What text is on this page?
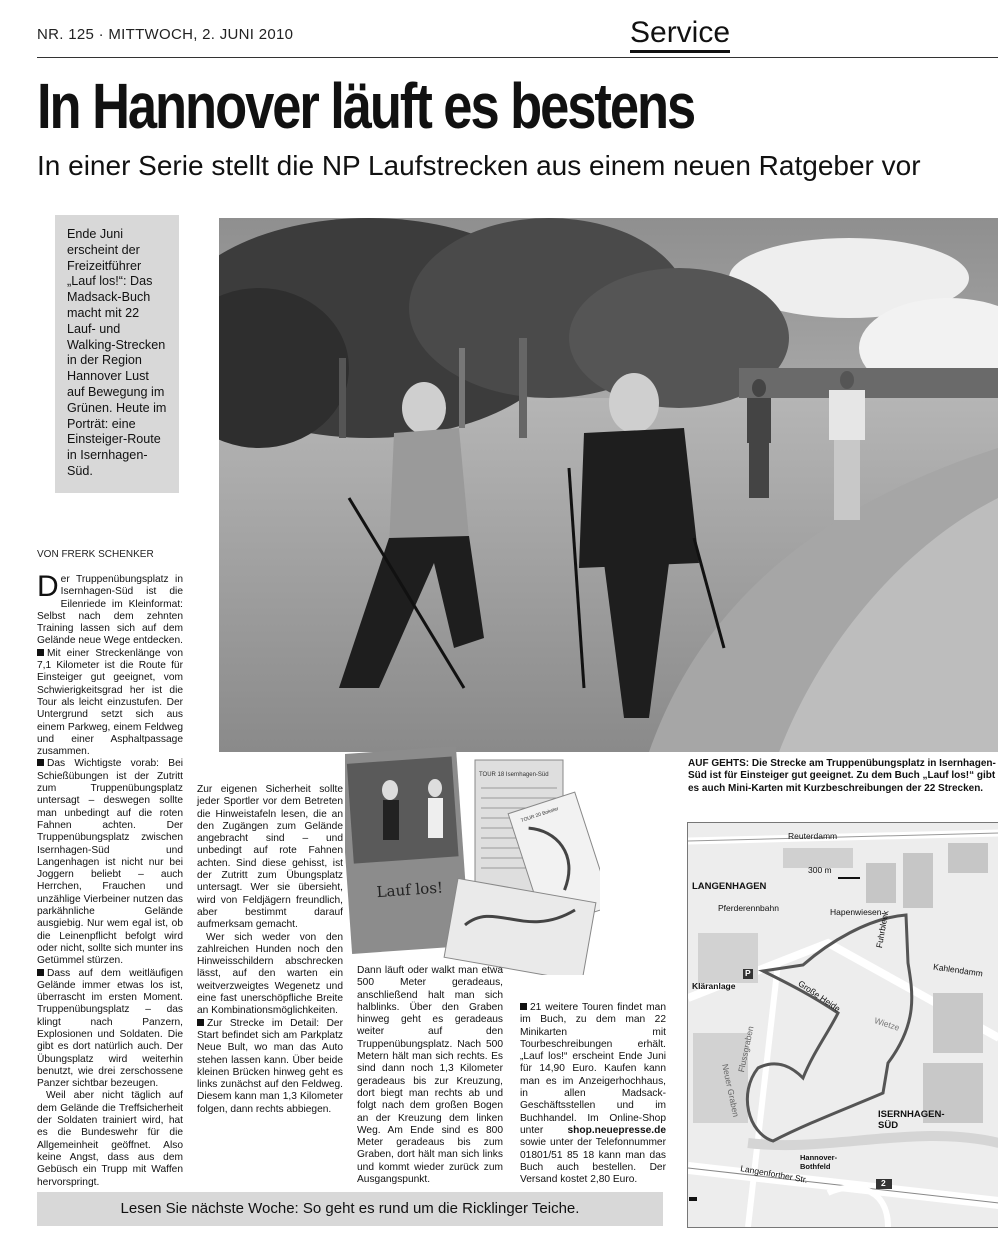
NR. 125 · MITTWOCH, 2. JUNI 2010	Service
In Hannover läuft es bestens
In einer Serie stellt die NP Laufstrecken aus einem neuen Ratgeber vor
Ende Juni erscheint der Freizeitführer „Lauf los!“: Das Madsack-Buch macht mit 22 Lauf- und Walking-Strecken in der Region Hannover Lust auf Bewegung im Grünen. Heute im Porträt: eine Einsteiger-Route in Isernhagen-Süd.
AUF GEHTS: Die Strecke am Truppenübungsplatz in Isernhagen-Süd ist für Einsteiger gut geeignet. Zu dem Buch „Lauf los!“ gibt es auch Mini-Karten mit Kurzbeschreibungen der 22 Strecken.
VON FRERK SCHENKER

Der Truppenübungsplatz in Isernhagen-Süd ist die Eilenriede im Kleinformat: Selbst nach dem zehnten Training lassen sich auf dem Gelände neue Wege entdecken.

Mit einer Streckenlänge von 7,1 Kilometer ist die Route für Einsteiger gut geeignet, vom Schwierigkeitsgrad her ist die Tour als leicht einzustufen. Der Untergrund setzt sich aus einem Parkweg, einem Feldweg und einer Asphaltpassage zusammen.

Das Wichtigste vorab: Bei Schießübungen ist der Zutritt zum Truppenübungsplatz untersagt – deswegen sollte man unbedingt auf die roten Fahnen achten. Der Truppenübungsplatz zwischen Isernhagen-Süd und Langenhagen ist nicht nur bei Joggern beliebt – auch Herrchen, Frauchen und unzählige Vierbeiner nutzen das parkähnliche Gelände ausgiebig. Nur wem egal ist, ob die Leinenpflicht befolgt wird oder nicht, sollte sich munter ins Getümmel stürzen.

Dass auf dem weitläufigen Gelände immer etwas los ist, überrascht im ersten Moment. Truppenübungsplatz – das klingt nach Panzern, Explosionen und Soldaten. Die gibt es dort natürlich auch. Der Übungsplatz wird weiterhin benutzt, wie drei zerschossene Panzer sichtbar bezeugen.

Weil aber nicht täglich auf dem Gelände die Treffsicherheit der Soldaten trainiert wird, hat es die Bundeswehr für die Allgemeinheit geöffnet. Also keine Angst, dass aus dem Gebüsch ein Trupp mit Waffen hervorspringt.

Zur eigenen Sicherheit sollte jeder Sportler vor dem Betreten die Hinweistafeln lesen, die an den Zugängen zum Gelände angebracht sind – und unbedingt auf rote Fahnen achten. Sind diese gehisst, ist der Zutritt zum Übungsplatz untersagt. Wer sie übersieht, wird von Feldjägern freundlich, aber bestimmt darauf aufmerksam gemacht.

Wer sich weder von den zahlreichen Hunden noch den Hinweisschildern abschrecken lässt, auf den warten ein weitverzweigtes Wegenetz und eine fast unerschöpfliche Breite an Kombinationsmöglichkeiten.

Zur Strecke im Detail: Der Start befindet sich am Parkplatz Neue Bult, wo man das Auto stehen lassen kann. Über beide kleinen Brücken hinweg geht es links zunächst auf den Feldweg. Diesem kann man 1,3 Kilometer folgen, dann rechts abbiegen.

Dann läuft oder walkt man etwa 500 Meter geradeaus, anschließend halt man sich halblinks. Über den Graben hinweg geht es geradeaus weiter auf den Truppenübungsplatz. Nach 500 Metern hält man sich rechts. Es sind dann noch 1,3 Kilometer geradeaus bis zur Kreuzung, dort biegt man rechts ab und folgt nach dem großen Bogen an der Kreuzung dem linken Weg. Am Ende sind es 800 Meter geradeaus bis zum Graben, dort hält man sich links und kommt wieder zurück zum Ausgangspunkt.

21 weitere Touren findet man im Buch, zu dem man 22 Minikarten mit Tourbeschreibungen erhält. „Lauf los!“ erscheint Ende Juni für 14,90 Euro. Kaufen kann man es im Anzeigerhochhaus, in allen Madsack-Geschäftsstellen und im Buchhandel. Im Online-Shop unter shop.neuepresse.de sowie unter der Telefonnummer 01801/51 85 18 kann man das Buch auch bestellen. Der Versand kostet 2,80 Euro.

Lauf los!
TOUR 18 Isernhagen-Süd
TOUR 20 Bokeler
Lesen Sie nächste Woche: So geht es rund um die Ricklinger Teiche.
Reuterdamm
Hapenwiesen
Fuhrbleek
Kahlendamm
Große Heide
Wietze
Flussgraben
Neuer Graben
Langenforther Str.
LANGENHAGEN
Pferderennbahn
Kläranlage
ISERNHAGEN-SÜD
Hannover-Bothfeld
300 m
2
P
